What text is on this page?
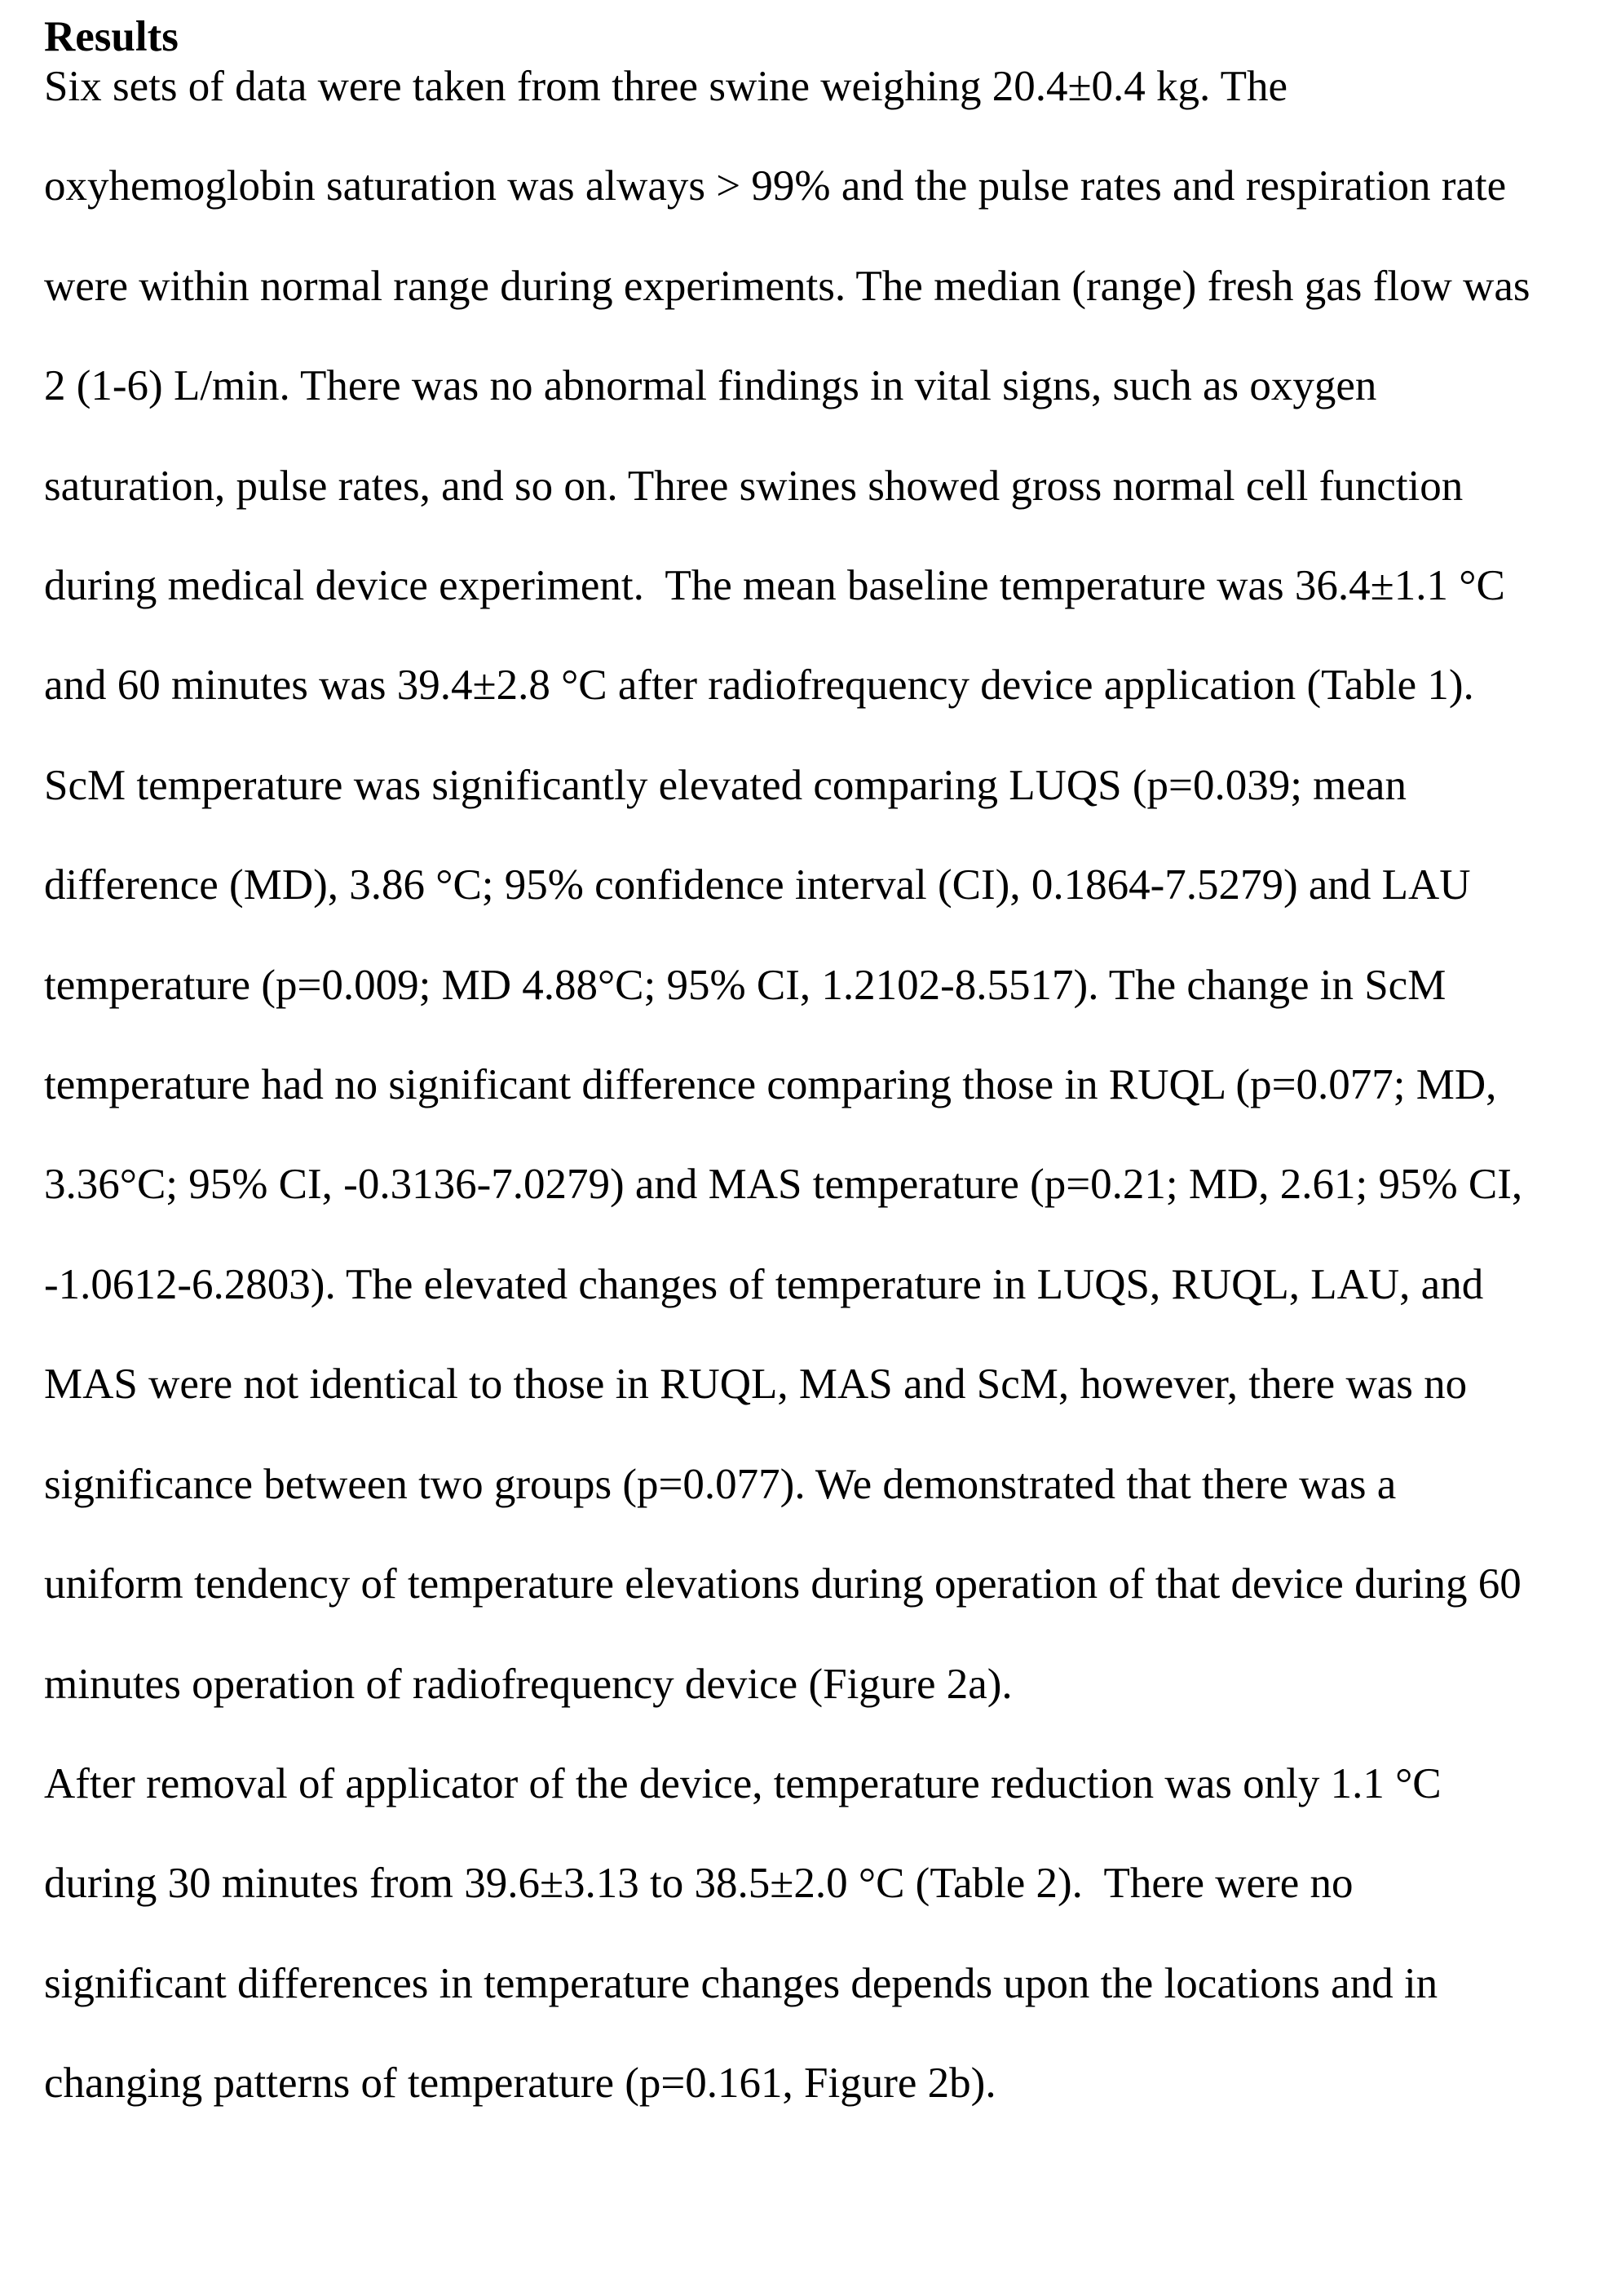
Results
Six sets of data were taken from three swine weighing 20.4±0.4 kg. The
oxyhemoglobin saturation was always > 99% and the pulse rates and respiration rate
were within normal range during experiments. The median (range) fresh gas flow was
2 (1-6) L/min. There was no abnormal findings in vital signs, such as oxygen
saturation, pulse rates, and so on. Three swines showed gross normal cell function
during medical device experiment.  The mean baseline temperature was 36.4±1.1 °C
and 60 minutes was 39.4±2.8 °C after radiofrequency device application (Table 1).
ScM temperature was significantly elevated comparing LUQS (p=0.039; mean
difference (MD), 3.86 °C; 95% confidence interval (CI), 0.1864-7.5279) and LAU
temperature (p=0.009; MD 4.88°C; 95% CI, 1.2102-8.5517). The change in ScM
temperature had no significant difference comparing those in RUQL (p=0.077; MD,
3.36°C; 95% CI, -0.3136-7.0279) and MAS temperature (p=0.21; MD, 2.61; 95% CI,
-1.0612-6.2803). The elevated changes of temperature in LUQS, RUQL, LAU, and
MAS were not identical to those in RUQL, MAS and ScM, however, there was no
significance between two groups (p=0.077). We demonstrated that there was a
uniform tendency of temperature elevations during operation of that device during 60
minutes operation of radiofrequency device (Figure 2a).
After removal of applicator of the device, temperature reduction was only 1.1 °C
during 30 minutes from 39.6±3.13 to 38.5±2.0 °C (Table 2).  There were no
significant differences in temperature changes depends upon the locations and in
changing patterns of temperature (p=0.161, Figure 2b).
